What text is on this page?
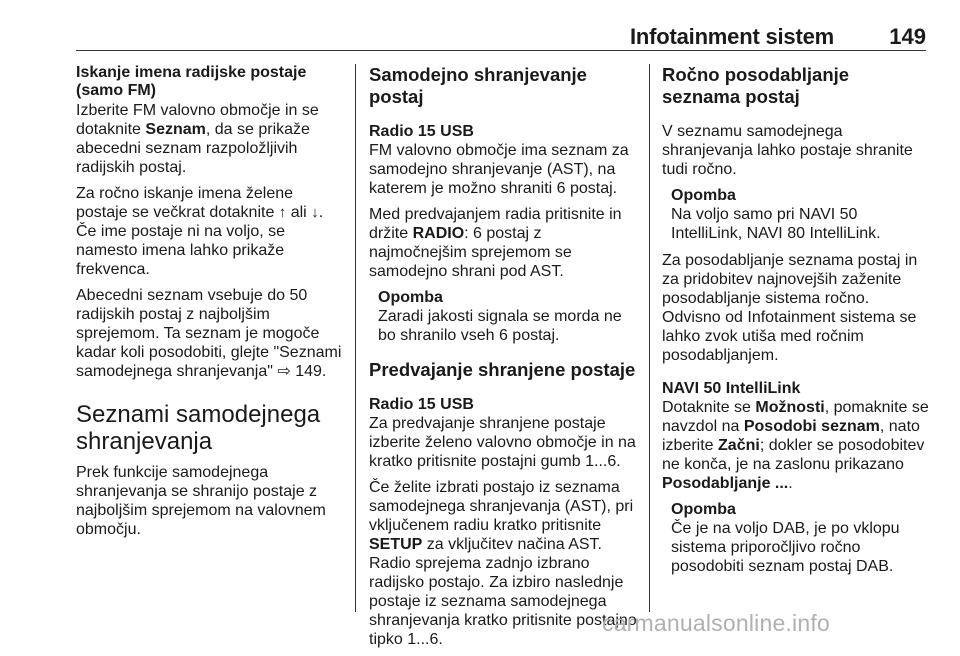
Infotainment sistem	149

Iskanje imena radijske postaje (samo FM)

Izberite FM valovno območje in se dotaknite Seznam, da se prikaže abecedni seznam razpoložljivih radijskih postaj.

Za ročno iskanje imena želene postaje se večkrat dotaknite ↑ ali ↓. Če ime postaje ni na voljo, se namesto imena lahko prikaže frekvenca.

Abecedni seznam vsebuje do 50 radijskih postaj z najboljšim sprejemom. Ta seznam je mogoče kadar koli posodobiti, glejte "Seznami samodejnega shranjevanja" ⇨ 149.

Seznami samodejnega shranjevanja

Prek funkcije samodejnega shranjevanja se shranijo postaje z najboljšim sprejemom na valovnem območju.

Samodejno shranjevanje postaj

Radio 15 USB

FM valovno območje ima seznam za samodejno shranjevanje (AST), na katerem je možno shraniti 6 postaj.

Med predvajanjem radia pritisnite in držite RADIO: 6 postaj z najmočnejšim sprejemom se samodejno shrani pod AST.

Opomba

Zaradi jakosti signala se morda ne bo shranilo vseh 6 postaj.

Predvajanje shranjene postaje

Radio 15 USB

Za predvajanje shranjene postaje izberite želeno valovno območje in na kratko pritisnite postajni gumb 1...6.

Če želite izbrati postajo iz seznama samodejnega shranjevanja (AST), pri vključenem radiu kratko pritisnite SETUP za vključitev načina AST. Radio sprejema zadnjo izbrano radijsko postajo. Za izbiro naslednje postaje iz seznama samodejnega shranjevanja kratko pritisnite postajno tipko 1...6.

Ročno posodabljanje seznama postaj

V seznamu samodejnega shranjevanja lahko postaje shranite tudi ročno.

Opomba

Na voljo samo pri NAVI 50 IntelliLink, NAVI 80 IntelliLink.

Za posodabljanje seznama postaj in za pridobitev najnovejših zaženite posodabljanje sistema ročno. Odvisno od Infotainment sistema se lahko zvok utiša med ročnim posodabljanjem.

NAVI 50 IntelliLink

Dotaknite se Možnosti, pomaknite se navzdol na Posodobi seznam, nato izberite Začni; dokler se posodobitev ne konča, je na zaslonu prikazano Posodabljanje ....

Opomba

Če je na voljo DAB, je po vklopu sistema priporočljivo ročno posodobiti seznam postaj DAB.

carmanualsonline.info
